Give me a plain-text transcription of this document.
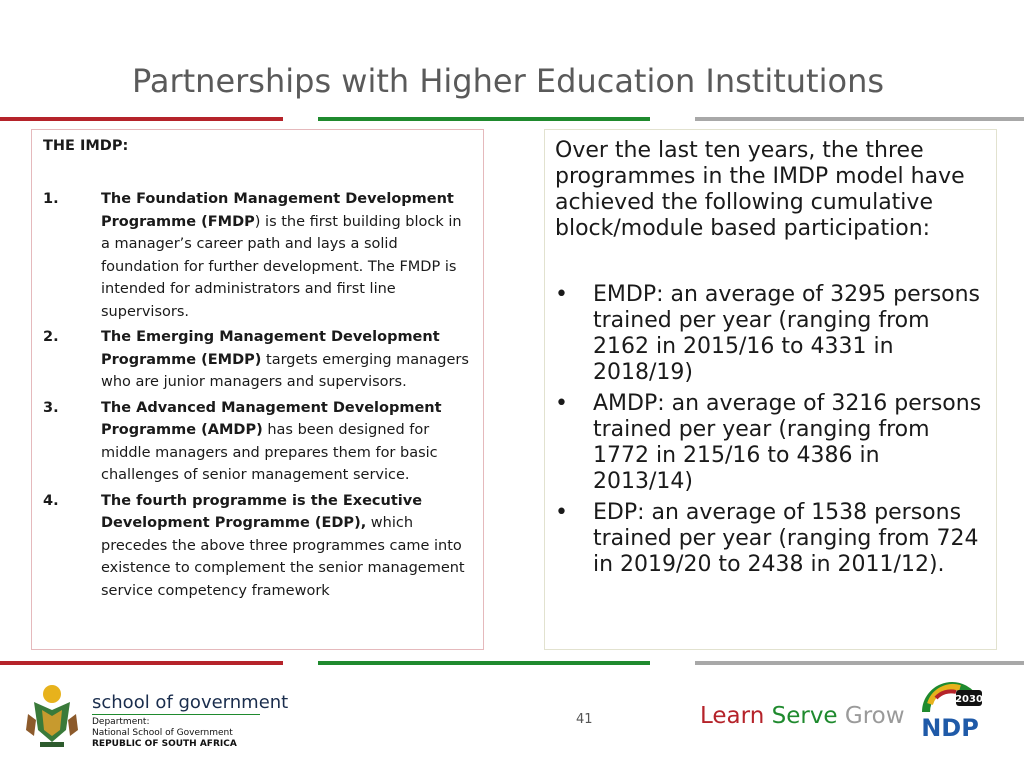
Partnerships with Higher Education Institutions
THE IMDP:
1.	The Foundation Management Development Programme (FMDP) is the first building block in a manager’s career path and lays a solid foundation for further development. The FMDP is intended for administrators and first line supervisors.
2.	The Emerging Management Development Programme (EMDP) targets emerging managers who are junior managers and supervisors.
3.	The Advanced Management Development Programme (AMDP) has been designed for middle managers and prepares them for basic challenges of senior management service.
4.	The fourth programme is the Executive Development Programme (EDP), which precedes the above three programmes came into existence to complement the senior management service competency framework
Over the last ten years, the three programmes in the IMDP model have achieved the following cumulative block/module based participation:
• EMDP: an average of 3295 persons trained per year (ranging from 2162 in 2015/16 to 4331 in 2018/19)
• AMDP: an average of 3216 persons trained per year (ranging from 1772 in 215/16 to 4386 in 2013/14)
• EDP: an average of 1538 persons trained per year (ranging from 724 in 2019/20 to 2438 in 2011/12).
school of government
Department:
National School of Government
REPUBLIC OF SOUTH AFRICA
41	Learn Serve Grow
2030
NDP
